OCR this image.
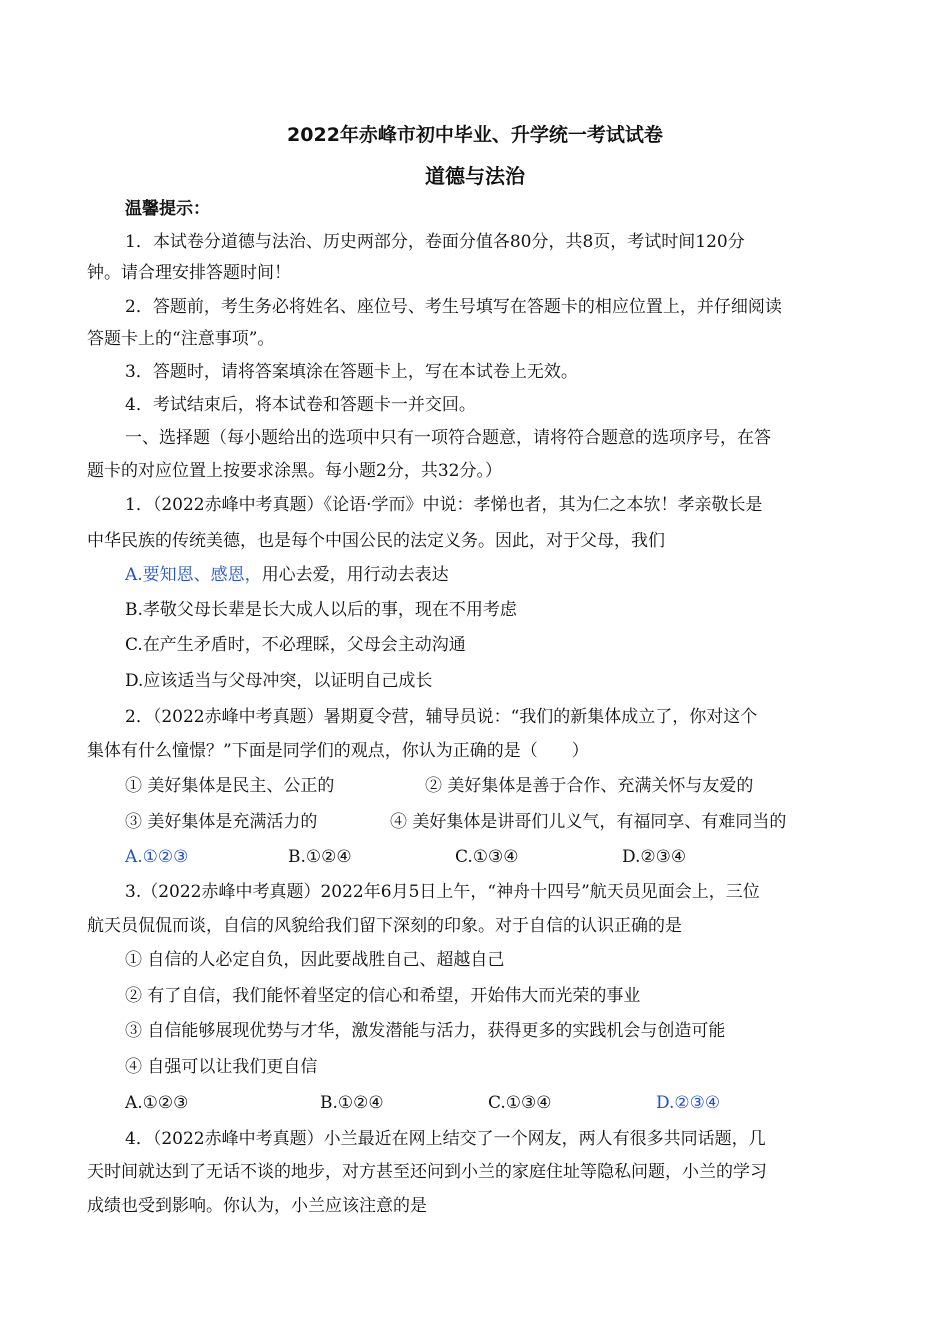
2022年赤峰市初中毕业、升学统一考试试卷
道德与法治
温馨提示：
1．本试卷分道德与法治、历史两部分，卷面分值各80分，共8页，考试时间120分
钟。请合理安排答题时间！
2．答题前，考生务必将姓名、座位号、考生号填写在答题卡的相应位置上，并仔细阅读
答题卡上的“注意事项”。
3．答题时，请将答案填涂在答题卡上，写在本试卷上无效。
4．考试结束后，将本试卷和答题卡一并交回。
一、选择题（每小题给出的选项中只有一项符合题意，请将符合题意的选项序号，在答
题卡的对应位置上按要求涂黑。每小题2分，共32分。）
1．（2022赤峰中考真题）《论语·学而》中说：孝悌也者，其为仁之本欤！孝亲敬长是
中华民族的传统美德，也是每个中国公民的法定义务。因此，对于父母，我们
A.要知恩、感恩，用心去爱，用行动去表达
B.孝敬父母长辈是长大成人以后的事，现在不用考虑
C.在产生矛盾时，不必理睬，父母会主动沟通
D.应该适当与父母冲突，以证明自己成长
2．（2022赤峰中考真题）暑期夏令营，辅导员说：“我们的新集体成立了，你对这个
集体有什么憧憬？”下面是同学们的观点，你认为正确的是（　　）
① 美好集体是民主、公正的	② 美好集体是善于合作、充满关怀与友爱的
③ 美好集体是充满活力的	④ 美好集体是讲哥们儿义气，有福同享、有难同当的
A.①②③	B.①②④	C.①③④	D.②③④
3.（2022赤峰中考真题）2022年6月5日上午，“神舟十四号”航天员见面会上，三位
航天员侃侃而谈，自信的风貌给我们留下深刻的印象。对于自信的认识正确的是
① 自信的人必定自负，因此要战胜自己、超越自己
② 有了自信，我们能怀着坚定的信心和希望，开始伟大而光荣的事业
③ 自信能够展现优势与才华，激发潜能与活力，获得更多的实践机会与创造可能
④ 自强可以让我们更自信
A.①②③	B.①②④	C.①③④	D.②③④
4．（2022赤峰中考真题）小兰最近在网上结交了一个网友，两人有很多共同话题，几
天时间就达到了无话不谈的地步，对方甚至还问到小兰的家庭住址等隐私问题，小兰的学习
成绩也受到影响。你认为，小兰应该注意的是
